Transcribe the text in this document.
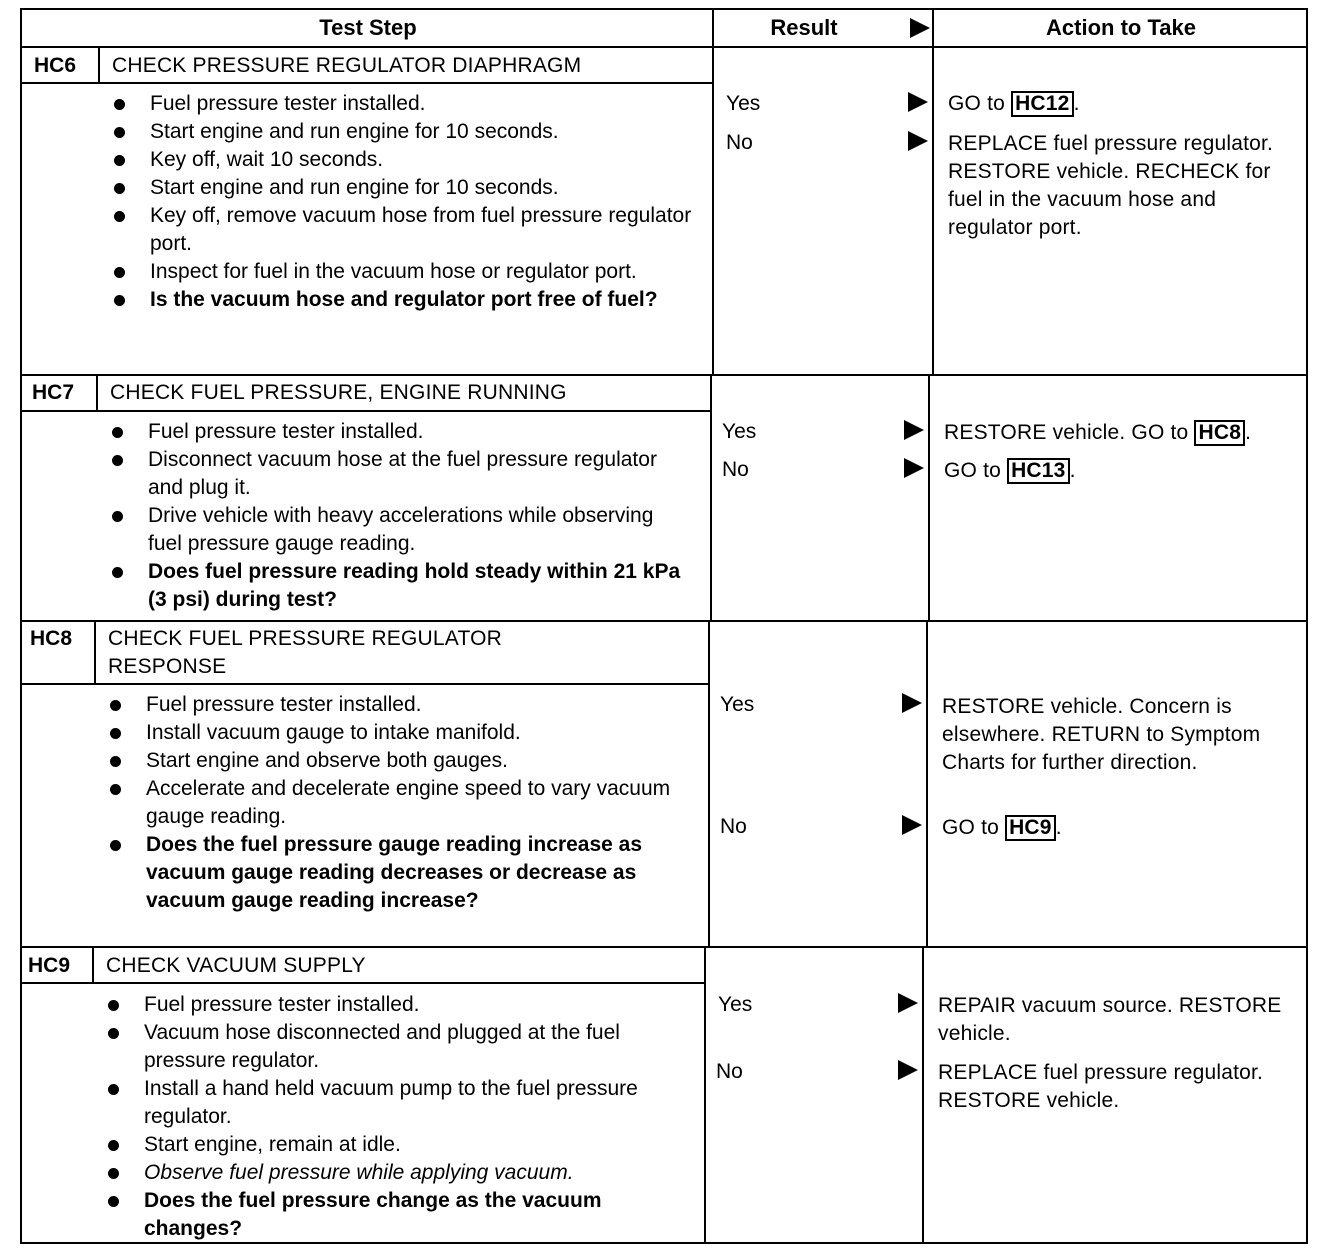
Test Step	Result	Action to Take
HC6 CHECK PRESSURE REGULATOR DIAPHRAGM
Fuel pressure tester installed.
Start engine and run engine for 10 seconds.
Key off, wait 10 seconds.
Start engine and run engine for 10 seconds.
Key off, remove vacuum hose from fuel pressure regulator port.
Inspect for fuel in the vacuum hose or regulator port.
Is the vacuum hose and regulator port free of fuel?
Yes
No
GO to HC12 .
REPLACE fuel pressure regulator. RESTORE vehicle. RECHECK for fuel in the vacuum hose and regulator port.
HC7 CHECK FUEL PRESSURE, ENGINE RUNNING
Fuel pressure tester installed.
Disconnect vacuum hose at the fuel pressure regulator and plug it.
Drive vehicle with heavy accelerations while observing fuel pressure gauge reading.
Does fuel pressure reading hold steady within 21 kPa (3 psi) during test?
Yes
No
RESTORE vehicle. GO to HC8 .
GO to HC13 .
HC8 CHECK FUEL PRESSURE REGULATOR RESPONSE
Fuel pressure tester installed.
Install vacuum gauge to intake manifold.
Start engine and observe both gauges.
Accelerate and decelerate engine speed to vary vacuum gauge reading.
Does the fuel pressure gauge reading increase as vacuum gauge reading decreases or decrease as vacuum gauge reading increase?
Yes
No
RESTORE vehicle. Concern is elsewhere. RETURN to Symptom Charts for further direction.
GO to HC9 .
HC9 CHECK VACUUM SUPPLY
Fuel pressure tester installed.
Vacuum hose disconnected and plugged at the fuel pressure regulator.
Install a hand held vacuum pump to the fuel pressure regulator.
Start engine, remain at idle.
Observe fuel pressure while applying vacuum.
Does the fuel pressure change as the vacuum changes?
Yes
No
REPAIR vacuum source. RESTORE vehicle.
REPLACE fuel pressure regulator. RESTORE vehicle.
